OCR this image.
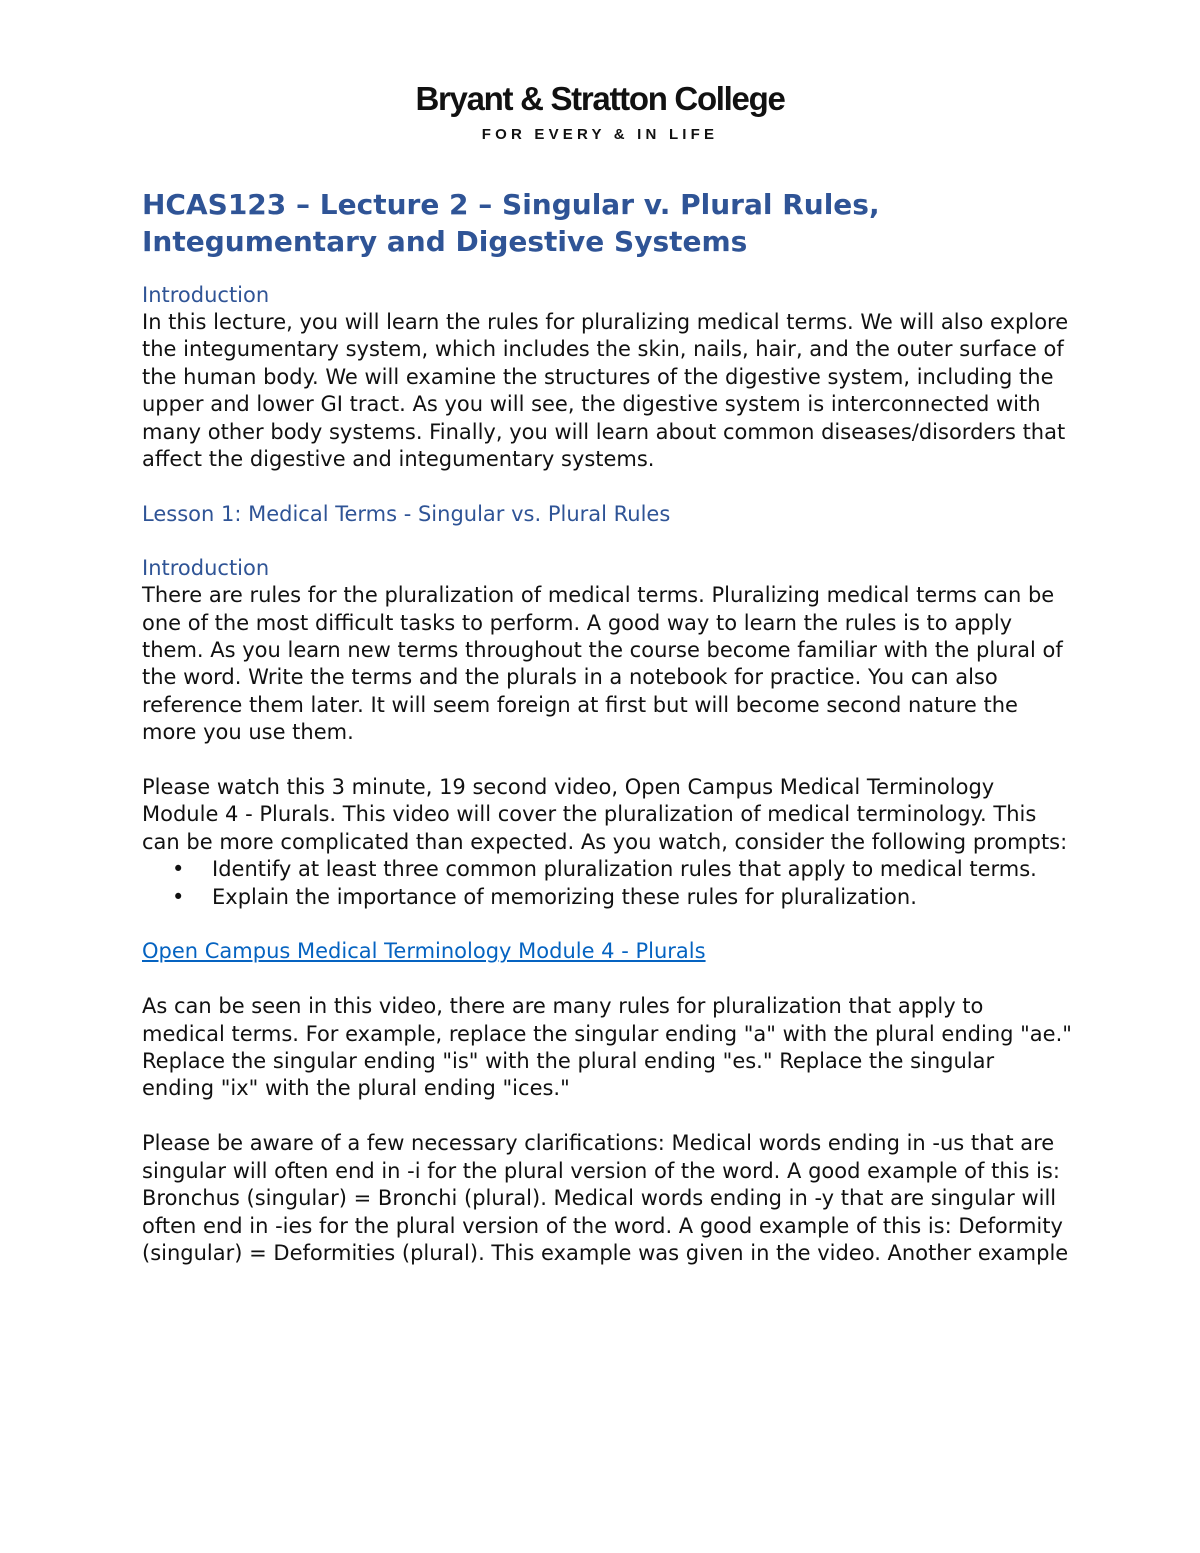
Bryant & Stratton College
FOR EVERY & IN LIFE
HCAS123 – Lecture 2 – Singular v. Plural Rules, Integumentary and Digestive Systems

Introduction

In this lecture, you will learn the rules for pluralizing medical terms. We will also explore the integumentary system, which includes the skin, nails, hair, and the outer surface of the human body. We will examine the structures of the digestive system, including the upper and lower GI tract. As you will see, the digestive system is interconnected with many other body systems. Finally, you will learn about common diseases/disorders that affect the digestive and integumentary systems.

Lesson 1: Medical Terms - Singular vs. Plural Rules

Introduction

There are rules for the pluralization of medical terms. Pluralizing medical terms can be one of the most difficult tasks to perform. A good way to learn the rules is to apply them. As you learn new terms throughout the course become familiar with the plural of the word. Write the terms and the plurals in a notebook for practice. You can also reference them later. It will seem foreign at first but will become second nature the more you use them.

Please watch this 3 minute, 19 second video, Open Campus Medical Terminology Module 4 - Plurals. This video will cover the pluralization of medical terminology. This can be more complicated than expected. As you watch, consider the following prompts:

• Identify at least three common pluralization rules that apply to medical terms.
• Explain the importance of memorizing these rules for pluralization.

Open Campus Medical Terminology Module 4 - Plurals

As can be seen in this video, there are many rules for pluralization that apply to medical terms. For example, replace the singular ending "a" with the plural ending "ae." Replace the singular ending "is" with the plural ending "es." Replace the singular ending "ix" with the plural ending "ices."

Please be aware of a few necessary clarifications: Medical words ending in -us that are singular will often end in -i for the plural version of the word. A good example of this is: Bronchus (singular) = Bronchi (plural). Medical words ending in -y that are singular will often end in -ies for the plural version of the word. A good example of this is: Deformity (singular) = Deformities (plural). This example was given in the video. Another example
